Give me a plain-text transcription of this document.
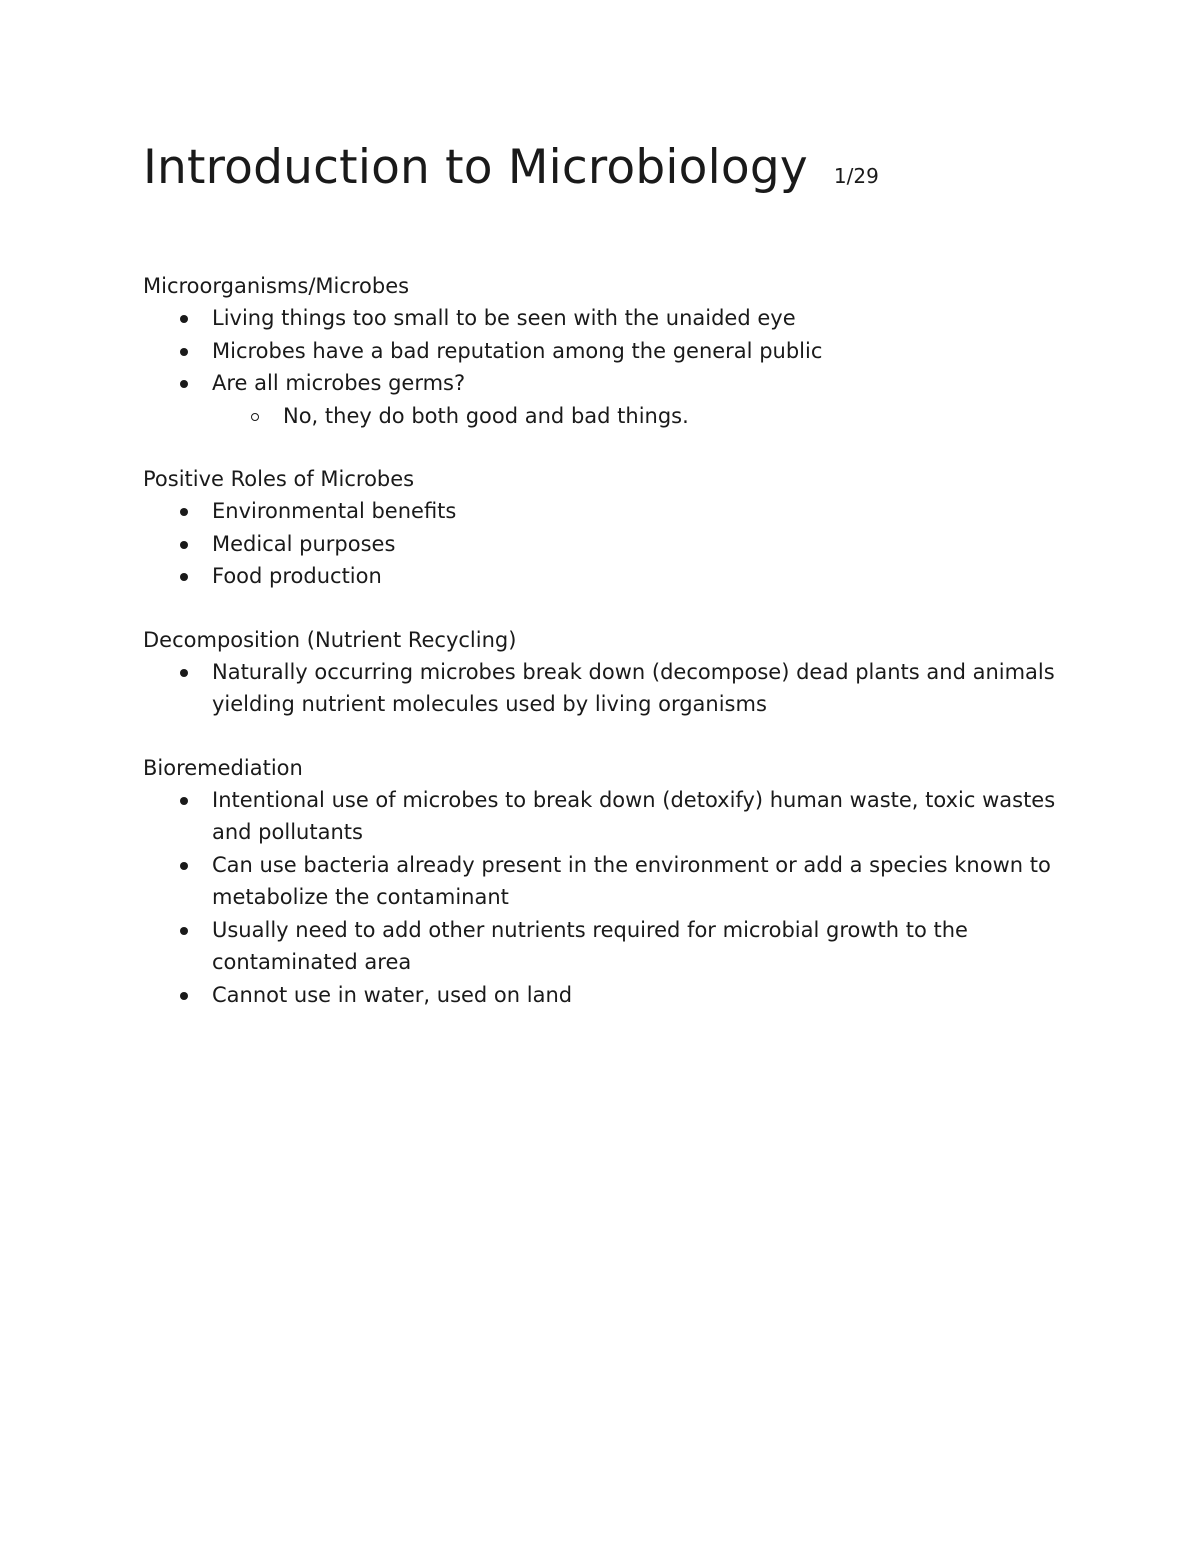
Introduction to Microbiology 1/29

Microorganisms/Microbes

Living things too small to be seen with the unaided eye
Microbes have a bad reputation among the general public
Are all microbes germs?
No, they do both good and bad things.

Positive Roles of Microbes

Environmental benefits
Medical purposes
Food production

Decomposition (Nutrient Recycling)

Naturally occurring microbes break down (decompose) dead plants and animals yielding nutrient molecules used by living organisms

Bioremediation

Intentional use of microbes to break down (detoxify) human waste, toxic wastes and pollutants
Can use bacteria already present in the environment or add a species known to metabolize the contaminant
Usually need to add other nutrients required for microbial growth to the contaminated area
Cannot use in water, used on land
